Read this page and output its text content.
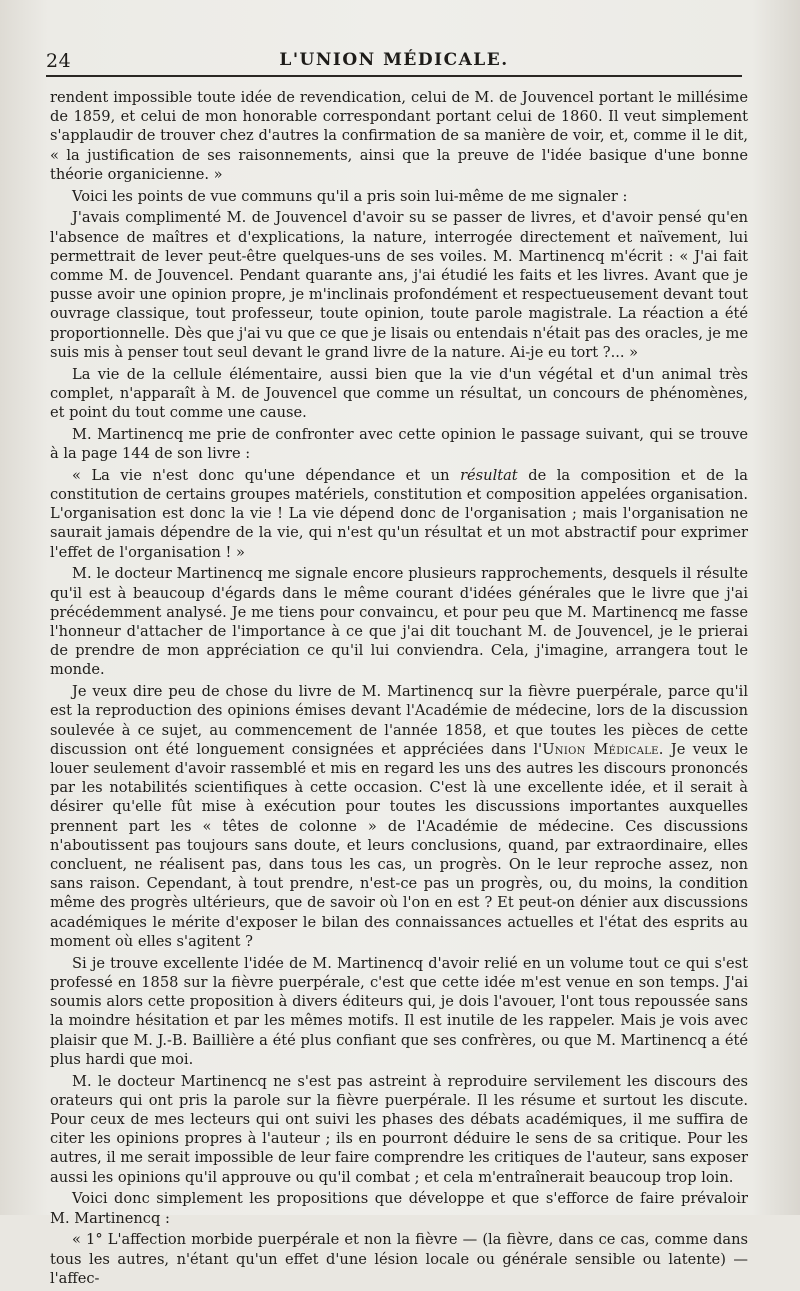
24	L'UNION MÉDICALE.

rendent impossible toute idée de revendication, celui de M. de Jouvencel portant le millésime de 1859, et celui de mon honorable correspondant portant celui de 1860. Il veut simplement s'applaudir de trouver chez d'autres la confirmation de sa manière de voir, et, comme il le dit, « la justification de ses raisonnements, ainsi que la preuve de l'idée basique d'une bonne théorie organicienne. »

Voici les points de vue communs qu'il a pris soin lui-même de me signaler :

J'avais complimenté M. de Jouvencel d'avoir su se passer de livres, et d'avoir pensé qu'en l'absence de maîtres et d'explications, la nature, interrogée directement et naïvement, lui permettrait de lever peut-être quelques-uns de ses voiles. M. Martinencq m'écrit : « J'ai fait comme M. de Jouvencel. Pendant quarante ans, j'ai étudié les faits et les livres. Avant que je pusse avoir une opinion propre, je m'inclinais profondément et respectueusement devant tout ouvrage classique, tout professeur, toute opinion, toute parole magistrale. La réaction a été proportionnelle. Dès que j'ai vu que ce que je lisais ou entendais n'était pas des oracles, je me suis mis à penser tout seul devant le grand livre de la nature. Ai-je eu tort ?... »

La vie de la cellule élémentaire, aussi bien que la vie d'un végétal et d'un animal très complet, n'apparaît à M. de Jouvencel que comme un résultat, un concours de phénomènes, et point du tout comme une cause.

M. Martinencq me prie de confronter avec cette opinion le passage suivant, qui se trouve à la page 144 de son livre :

« La vie n'est donc qu'une dépendance et un résultat de la composition et de la constitution de certains groupes matériels, constitution et composition appelées organisation. L'organisation est donc la vie ! La vie dépend donc de l'organisation ; mais l'organisation ne saurait jamais dépendre de la vie, qui n'est qu'un résultat et un mot abstractif pour exprimer l'effet de l'organisation ! »

M. le docteur Martinencq me signale encore plusieurs rapprochements, desquels il résulte qu'il est à beaucoup d'égards dans le même courant d'idées générales que le livre que j'ai précédemment analysé. Je me tiens pour convaincu, et pour peu que M. Martinencq me fasse l'honneur d'attacher de l'importance à ce que j'ai dit touchant M. de Jouvencel, je le prierai de prendre de mon appréciation ce qu'il lui conviendra. Cela, j'imagine, arrangera tout le monde.

Je veux dire peu de chose du livre de M. Martinencq sur la fièvre puerpérale, parce qu'il est la reproduction des opinions émises devant l'Académie de médecine, lors de la discussion soulevée à ce sujet, au commencement de l'année 1858, et que toutes les pièces de cette discussion ont été longuement consignées et appréciées dans l'Union Médicale. Je veux le louer seulement d'avoir rassemblé et mis en regard les uns des autres les discours prononcés par les notabilités scientifiques à cette occasion. C'est là une excellente idée, et il serait à désirer qu'elle fût mise à exécution pour toutes les discussions importantes auxquelles prennent part les « têtes de colonne » de l'Académie de médecine. Ces discussions n'aboutissent pas toujours sans doute, et leurs conclusions, quand, par extraordinaire, elles concluent, ne réalisent pas, dans tous les cas, un progrès. On le leur reproche assez, non sans raison. Cependant, à tout prendre, n'est-ce pas un progrès, ou, du moins, la condition même des progrès ultérieurs, que de savoir où l'on en est ? Et peut-on dénier aux discussions académiques le mérite d'exposer le bilan des connaissances actuelles et l'état des esprits au moment où elles s'agitent ?

Si je trouve excellente l'idée de M. Martinencq d'avoir relié en un volume tout ce qui s'est professé en 1858 sur la fièvre puerpérale, c'est que cette idée m'est venue en son temps. J'ai soumis alors cette proposition à divers éditeurs qui, je dois l'avouer, l'ont tous repoussée sans la moindre hésitation et par les mêmes motifs. Il est inutile de les rappeler. Mais je vois avec plaisir que M. J.-B. Baillière a été plus confiant que ses confrères, ou que M. Martinencq a été plus hardi que moi.

M. le docteur Martinencq ne s'est pas astreint à reproduire servilement les discours des orateurs qui ont pris la parole sur la fièvre puerpérale. Il les résume et surtout les discute. Pour ceux de mes lecteurs qui ont suivi les phases des débats académiques, il me suffira de citer les opinions propres à l'auteur ; ils en pourront déduire le sens de sa critique. Pour les autres, il me serait impossible de leur faire comprendre les critiques de l'auteur, sans exposer aussi les opinions qu'il approuve ou qu'il combat ; et cela m'entraînerait beaucoup trop loin.

Voici donc simplement les propositions que développe et que s'efforce de faire prévaloir M. Martinencq :

« 1° L'affection morbide puerpérale et non la fièvre — (la fièvre, dans ce cas, comme dans tous les autres, n'étant qu'un effet d'une lésion locale ou générale sensible ou latente) — l'affec-
